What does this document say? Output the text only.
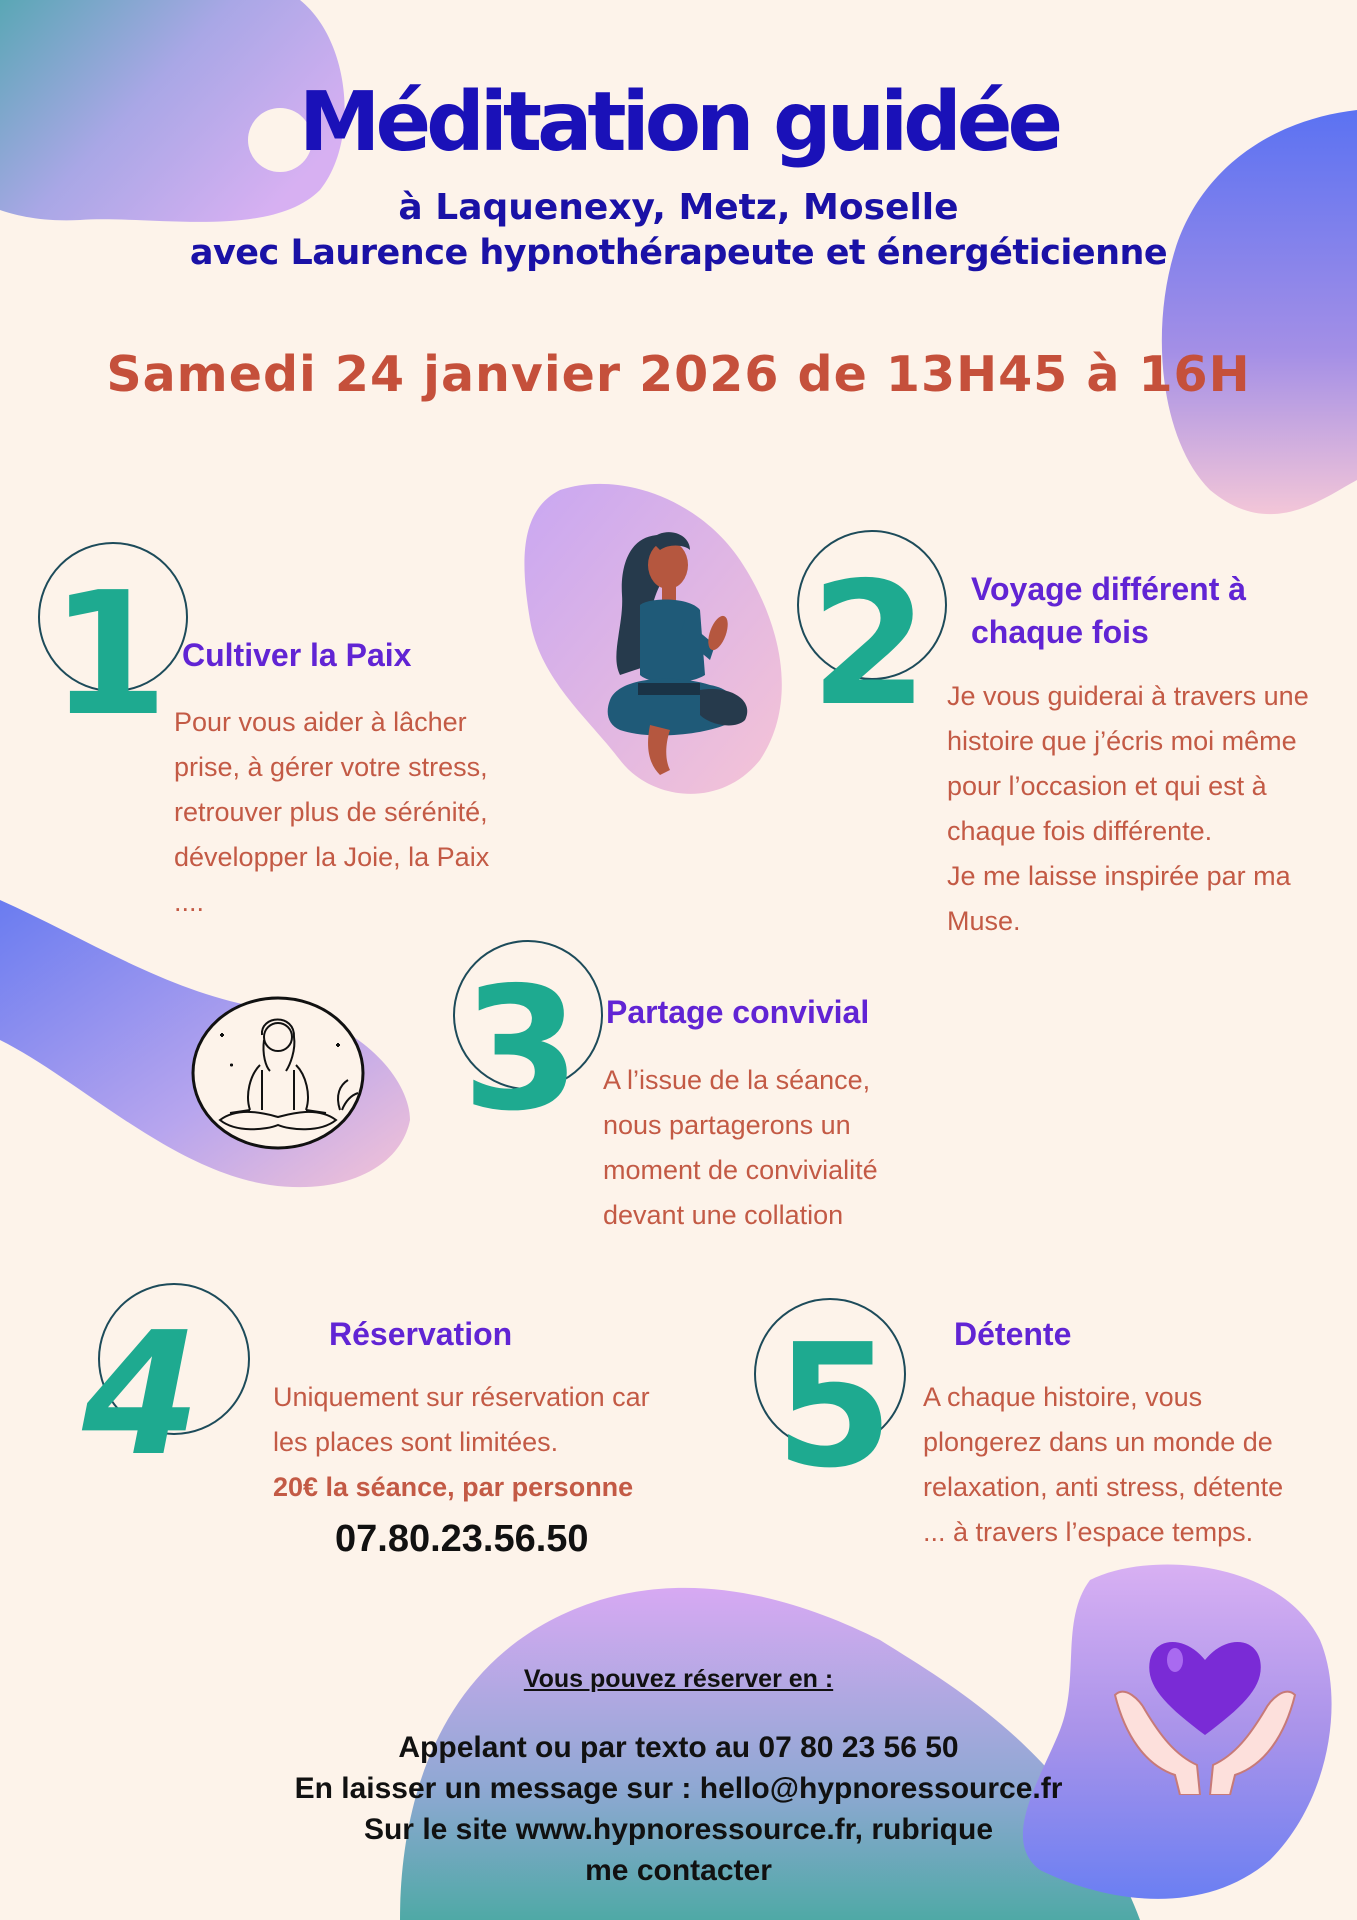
Méditation guidée
à Laquenexy, Metz, Moselle
avec Laurence hypnothérapeute et énergéticienne
Samedi 24 janvier 2026 de 13H45 à 16H
1 Cultiver la Paix
Pour vous aider à lâcher
prise, à gérer votre stress,
retrouver plus de sérénité,
développer la Joie, la Paix
....
2 Voyage différent à
chaque fois
Je vous guiderai à travers une
histoire que j’écris moi même
pour l’occasion et qui est à
chaque fois différente.
Je me laisse inspirée par ma
Muse.
3 Partage convivial
A l’issue de la séance,
nous partagerons un
moment de convivialité
devant une collation
4	Réservation
Uniquement sur réservation car
les places sont limitées.
20€ la séance, par personne
07.80.23.56.50
5 Détente
A chaque histoire, vous
plongerez dans un monde de
relaxation, anti stress, détente
... à travers l’espace temps.
Vous pouvez réserver en :
Appelant ou par texto au 07 80 23 56 50
En laisser un message sur : hello@hypnoressource.fr
Sur le site www.hypnoressource.fr, rubrique
me contacter
